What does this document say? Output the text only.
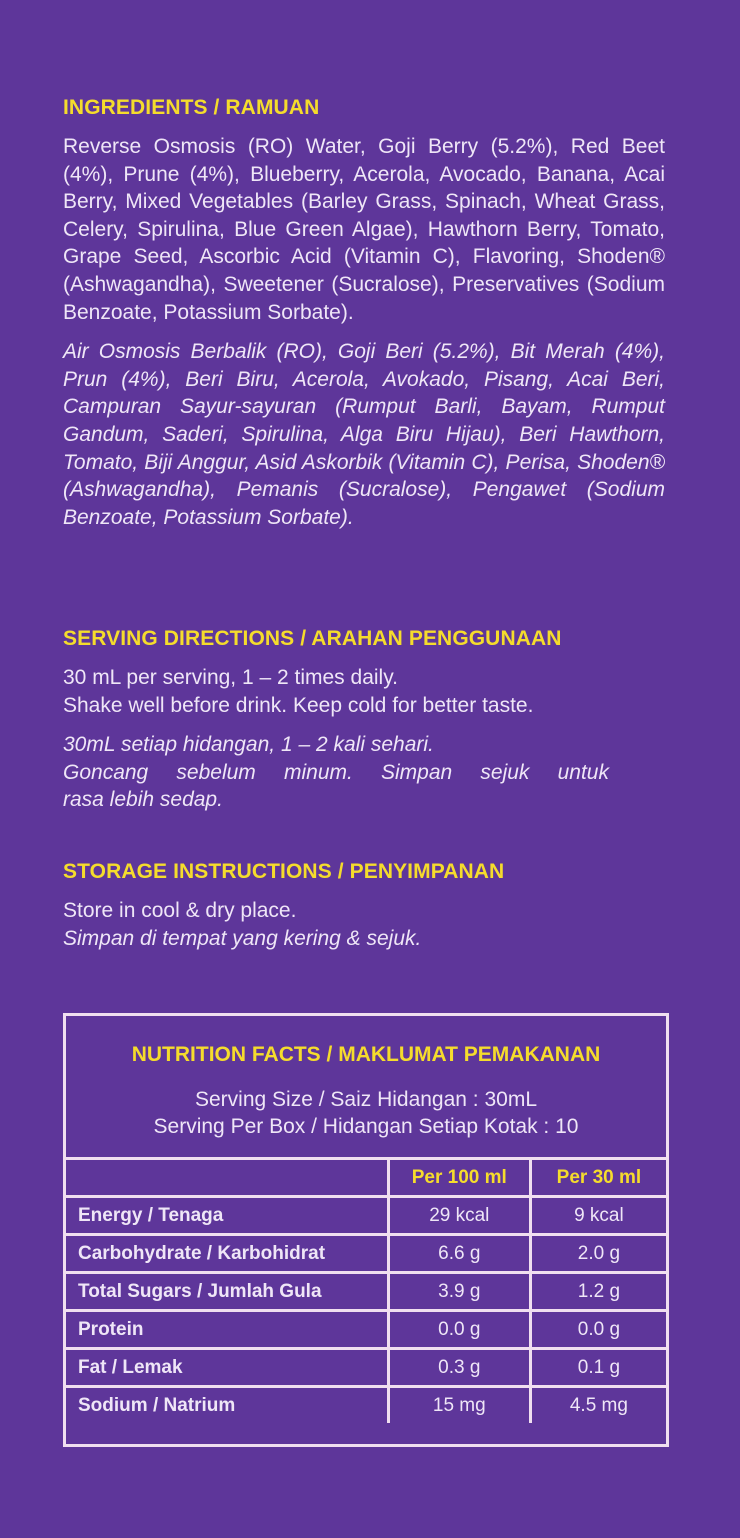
INGREDIENTS / RAMUAN

Reverse Osmosis (RO) Water, Goji Berry (5.2%), Red Beet (4%), Prune (4%), Blueberry, Acerola, Avocado, Banana, Acai Berry, Mixed Vegetables (Barley Grass, Spinach, Wheat Grass, Celery, Spirulina, Blue Green Algae), Hawthorn Berry, Tomato, Grape Seed, Ascorbic Acid (Vitamin C), Flavoring, Shoden® (Ashwagandha), Sweetener (Sucralose), Preservatives (Sodium Benzoate, Potassium Sorbate).

Air Osmosis Berbalik (RO), Goji Beri (5.2%), Bit Merah (4%), Prun (4%), Beri Biru, Acerola, Avokado, Pisang, Acai Beri, Campuran Sayur-sayuran (Rumput Barli, Bayam, Rumput Gandum, Saderi, Spirulina, Alga Biru Hijau), Beri Hawthorn, Tomato, Biji Anggur, Asid Askorbik (Vitamin C), Perisa, Shoden® (Ashwagandha), Pemanis (Sucralose), Pengawet (Sodium Benzoate, Potassium Sorbate).

SERVING DIRECTIONS / ARAHAN PENGGUNAAN

30 mL per serving, 1 – 2 times daily.

Shake well before drink. Keep cold for better taste.

30mL setiap hidangan, 1 – 2 kali sehari.

Goncang sebelum minum. Simpan sejuk untuk

rasa lebih sedap.

STORAGE INSTRUCTIONS / PENYIMPANAN

Store in cool & dry place.

Simpan di tempat yang kering & sejuk.

NUTRITION FACTS / MAKLUMAT PEMAKANAN
Serving Size / Saiz Hidangan : 30mL
Serving Per Box / Hidangan Setiap Kotak : 10
	Per 100 ml	Per 30 ml
Energy / Tenaga	29 kcal	9 kcal
Carbohydrate / Karbohidrat	6.6 g	2.0 g
Total Sugars / Jumlah Gula	3.9 g	1.2 g
Protein	0.0 g	0.0 g
Fat / Lemak	0.3 g	0.1 g
Sodium / Natrium	15 mg	4.5 mg
